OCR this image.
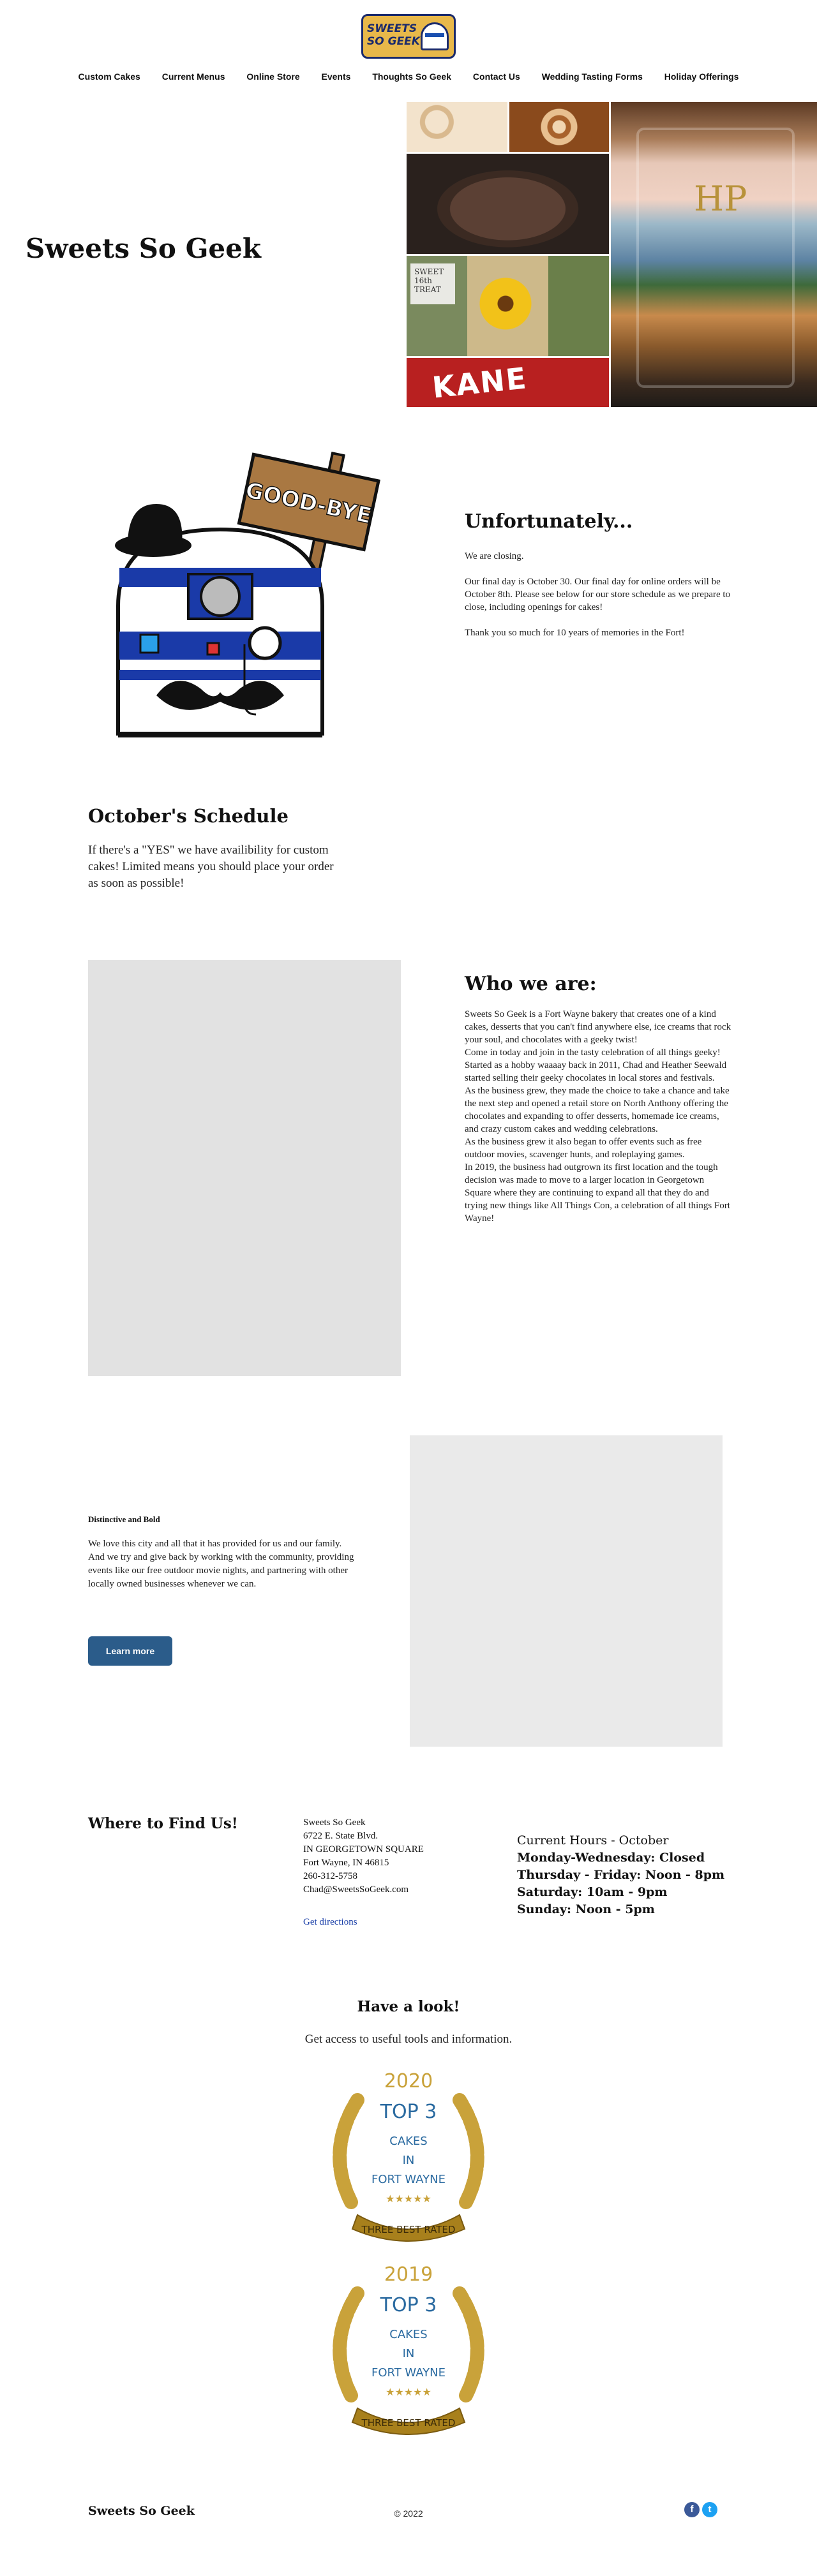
SWEETS SO GEEK
Custom Cakes Current Menus Online Store Events Thoughts So Geek Contact Us Wedding Tasting Forms Holiday Offerings
Sweets So Geek
SWEET 16th TREAT
KANE
HP
GOOD-BYE	Unfortunately...

We are closing.

Our final day is October 30. Our final day for online orders will be October 8th. Please see below for our store schedule as we prepare to close, including openings for cakes!

Thank you so much for 10 years of memories in the Fort!

October's Schedule

If there's a "YES" we have availibility for custom cakes! Limited means you should place your order as soon as possible!

Who we are:

Sweets So Geek is a Fort Wayne bakery that creates one of a kind cakes, desserts that you can't find anywhere else, ice creams that rock your soul, and chocolates with a geeky twist!

Come in today and join in the tasty celebration of all things geeky!

Started as a hobby waaaay back in 2011, Chad and Heather Seewald started selling their geeky chocolates in local stores and festivals.

As the business grew, they made the choice to take a chance and take the next step and opened a retail store on North Anthony offering the chocolates and expanding to offer desserts, homemade ice creams, and crazy custom cakes and wedding celebrations.

As the business grew it also began to offer events such as free outdoor movies, scavenger hunts, and roleplaying games.

In 2019, the business had outgrown its first location and the tough decision was made to move to a larger location in Georgetown Square where they are continuing to expand all that they do and trying new things like All Things Con, a celebration of all things Fort Wayne!

Distinctive and Bold

We love this city and all that it has provided for us and our family. And we try and give back by working with the community, providing events like our free outdoor movie nights, and partnering with other locally owned businesses whenever we can.

Learn more
Where to Find Us!	Sweets So Geek
6722 E. State Blvd.
IN GEORGETOWN SQUARE
Fort Wayne, IN 46815
260-312-5758
Chad@SweetsSoGeek.com
Get directions
Current Hours - October
Monday-Wednesday: Closed
Thursday - Friday: Noon - 8pm
Saturday: 10am - 9pm
Sunday: Noon - 5pm
Have a look!

Get access to useful tools and information.

2020
TOP 3
CAKES
IN
FORT WAYNE
★★★★★
THREE BEST RATED
2019
TOP 3
CAKES
IN
FORT WAYNE
★★★★★
THREE BEST RATED
Sweets So Geek	© 2022	f t
